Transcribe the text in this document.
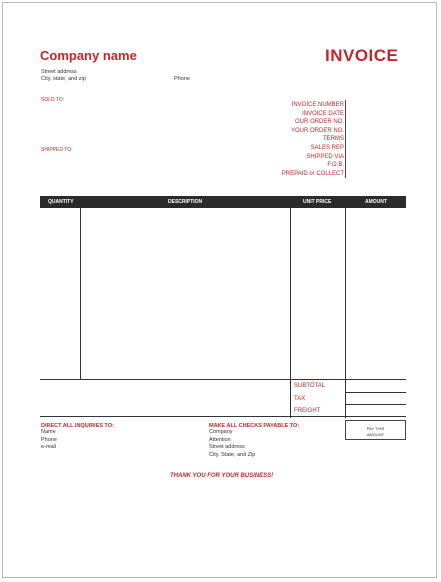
Company name	INVOICE
Street address
City, state, and zip	Phone
SOLD TO:
SHIPPED TO:
INVOICE NUMBER
INVOICE DATE
OUR ORDER NO.
YOUR ORDER NO.
TERMS
SALES REP
SHIPPED VIA
F.O.B.
PREPAID or COLLECT
QUANTITY	DESCRIPTION	UNIT PRICE	AMOUNT
SUBTOTAL
TAX
FREIGHT
PAY THIS
AMOUNT
DIRECT ALL INQUIRIES TO:
Name
Phone
e-mail
MAKE ALL CHECKS PAYABLE TO:
Company
Attention
Street address
City, State, and Zip
THANK YOU FOR YOUR BUSINESS!
